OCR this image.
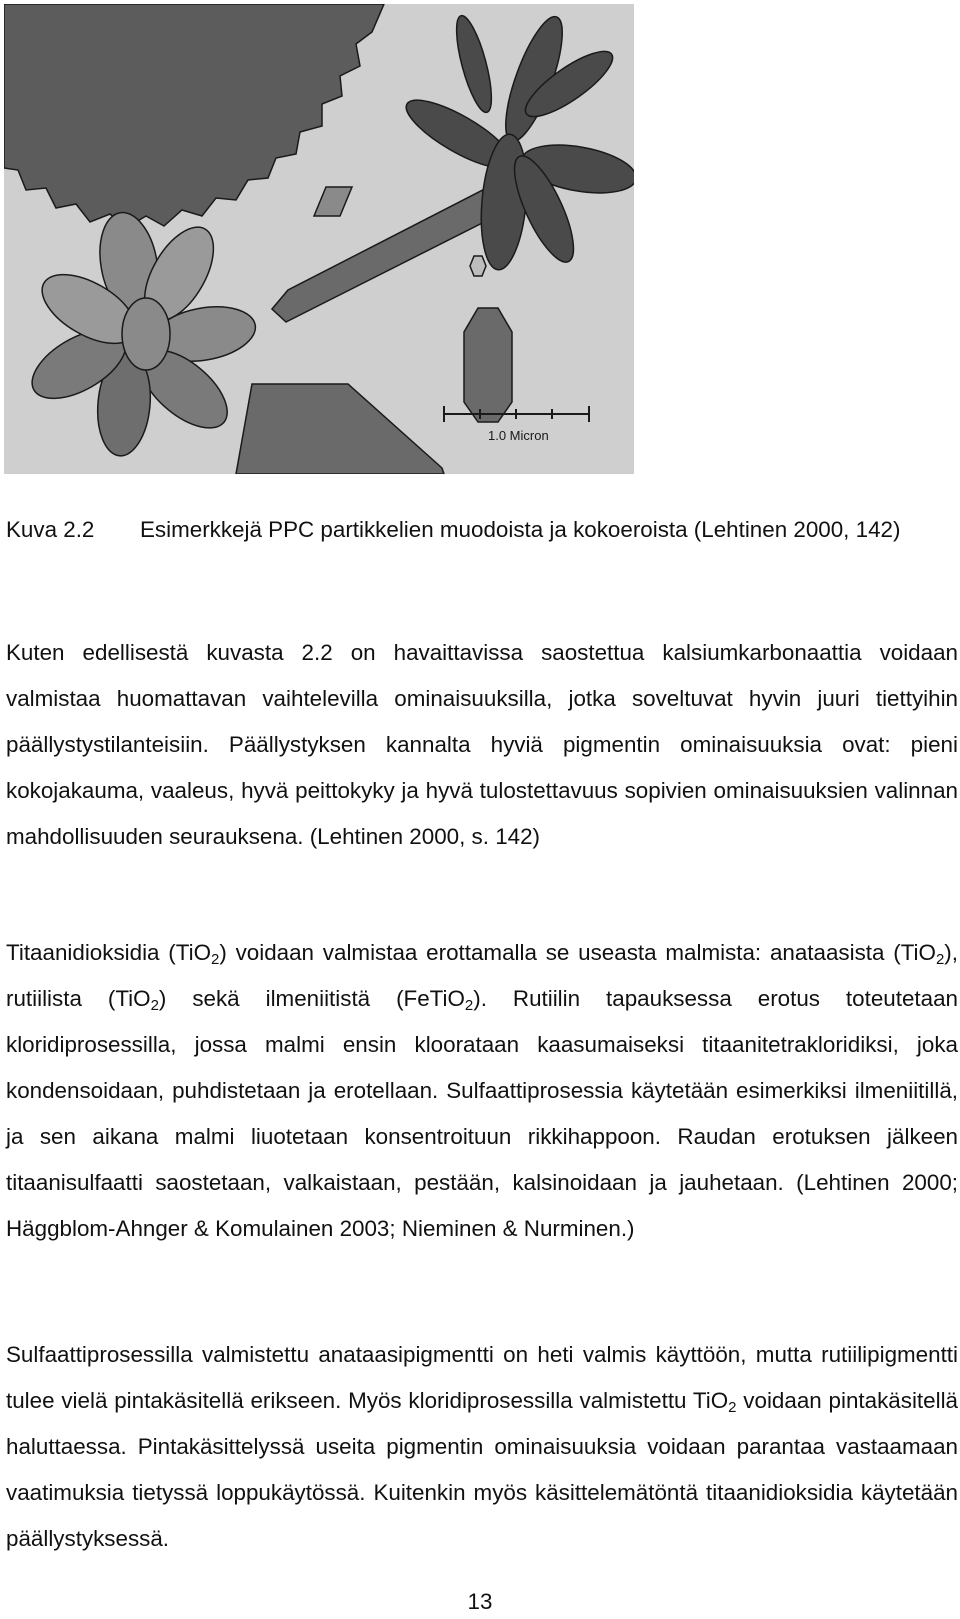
1.0 Micron

Kuva 2.2 Esimerkkejä PPC partikkelien muodoista ja kokoeroista (Lehtinen 2000, 142)

Kuten edellisestä kuvasta 2.2 on havaittavissa saostettua kalsiumkarbonaattia voidaan valmistaa huomattavan vaihtelevilla ominaisuuksilla, jotka soveltuvat hyvin juuri tiettyihin päällystystilanteisiin. Päällystyksen kannalta hyviä pigmentin ominaisuuksia ovat: pieni kokojakauma, vaaleus, hyvä peittokyky ja hyvä tulostettavuus sopivien ominaisuuksien valinnan mahdollisuuden seurauksena. (Lehtinen 2000, s. 142)

Titaanidioksidia (TiO$_2$) voidaan valmistaa erottamalla se useasta malmista: anataasista (TiO$_2$), rutiilista (TiO$_2$) sekä ilmeniitistä (FeTiO$_2$). Rutiilin tapauksessa erotus toteutetaan kloridiprosessilla, jossa malmi ensin kloorataan kaasumaiseksi titaanitetrakloridiksi, joka kondensoidaan, puhdistetaan ja erotellaan. Sulfaattiprosessia käytetään esimerkiksi ilmeniitillä, ja sen aikana malmi liuotetaan konsentroituun rikkihappoon. Raudan erotuksen jälkeen titaanisulfaatti saostetaan, valkaistaan, pestään, kalsinoidaan ja jauhetaan. (Lehtinen 2000; Häggblom-Ahnger & Komulainen 2003; Nieminen & Nurminen.)

Sulfaattiprosessilla valmistettu anataasipigmentti on heti valmis käyttöön, mutta rutiilipigmentti tulee vielä pintakäsitellä erikseen. Myös kloridiprosessilla valmistettu TiO$_2$ voidaan pintakäsitellä haluttaessa. Pintakäsittelyssä useita pigmentin ominaisuuksia voidaan parantaa vastaamaan vaatimuksia tietyssä loppukäytössä. Kuitenkin myös käsittelemätöntä titaanidioksidia käytetään päällystyksessä.

13
